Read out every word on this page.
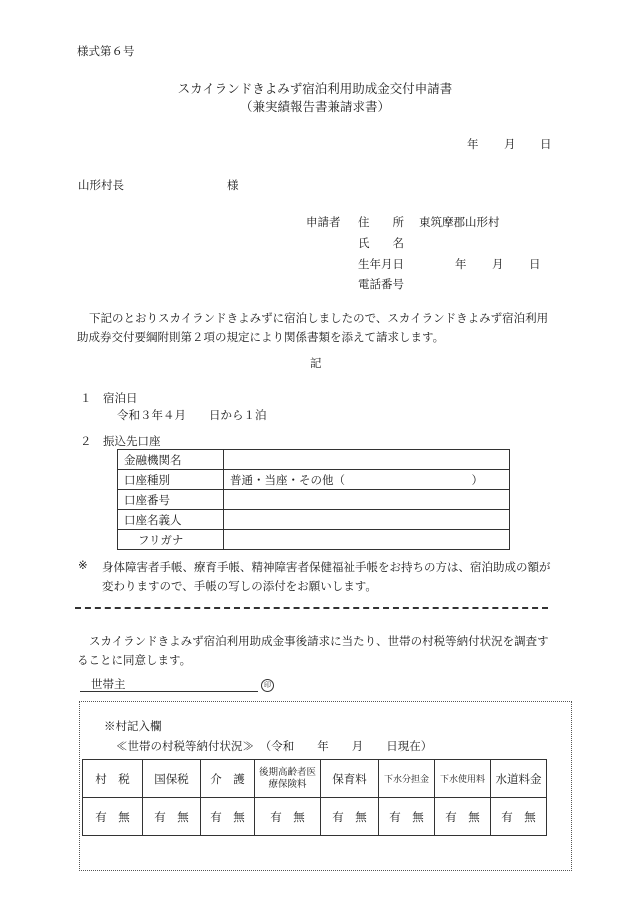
様式第６号
スカイランドきよみず宿泊利用助成金交付申請書
（兼実績報告書兼請求書）
年 月 日
山形村長	様
申請者 住　　所 東筑摩郡山形村
氏　　名
生年月日	年 月 日
電話番号
下記のとおりスカイランドきよみずに宿泊しましたので、スカイランドきよみず宿泊利用助成券交付要綱附則第２項の規定により関係書類を添えて請求します。
記
１ 宿泊日
令和３年４月　　日から１泊
２ 振込先口座
金融機関名	
口座種別	普通・当座・その他（　　　　　　　　　　　）
口座番号	
口座名義人	
フリガナ	
※ 身体障害者手帳、療育手帳、精神障害者保健福祉手帳をお持ちの方は、宿泊助成の額が変わりますので、手帳の写しの添付をお願いします。
スカイランドきよみず宿泊利用助成金事後請求に当たり、世帯の村税等納付状況を調査することに同意します。
世帯主	印
※村記入欄
≪世帯の村税等納付状況≫　（令和　　年　　月　　日現在）
村　税	国保税	介　護	後期高齢者医療保険料	保育料	下水分担金	下水使用料	水道料金
有　無	有　無	有　無	有　無	有　無	有　無	有　無	有　無
